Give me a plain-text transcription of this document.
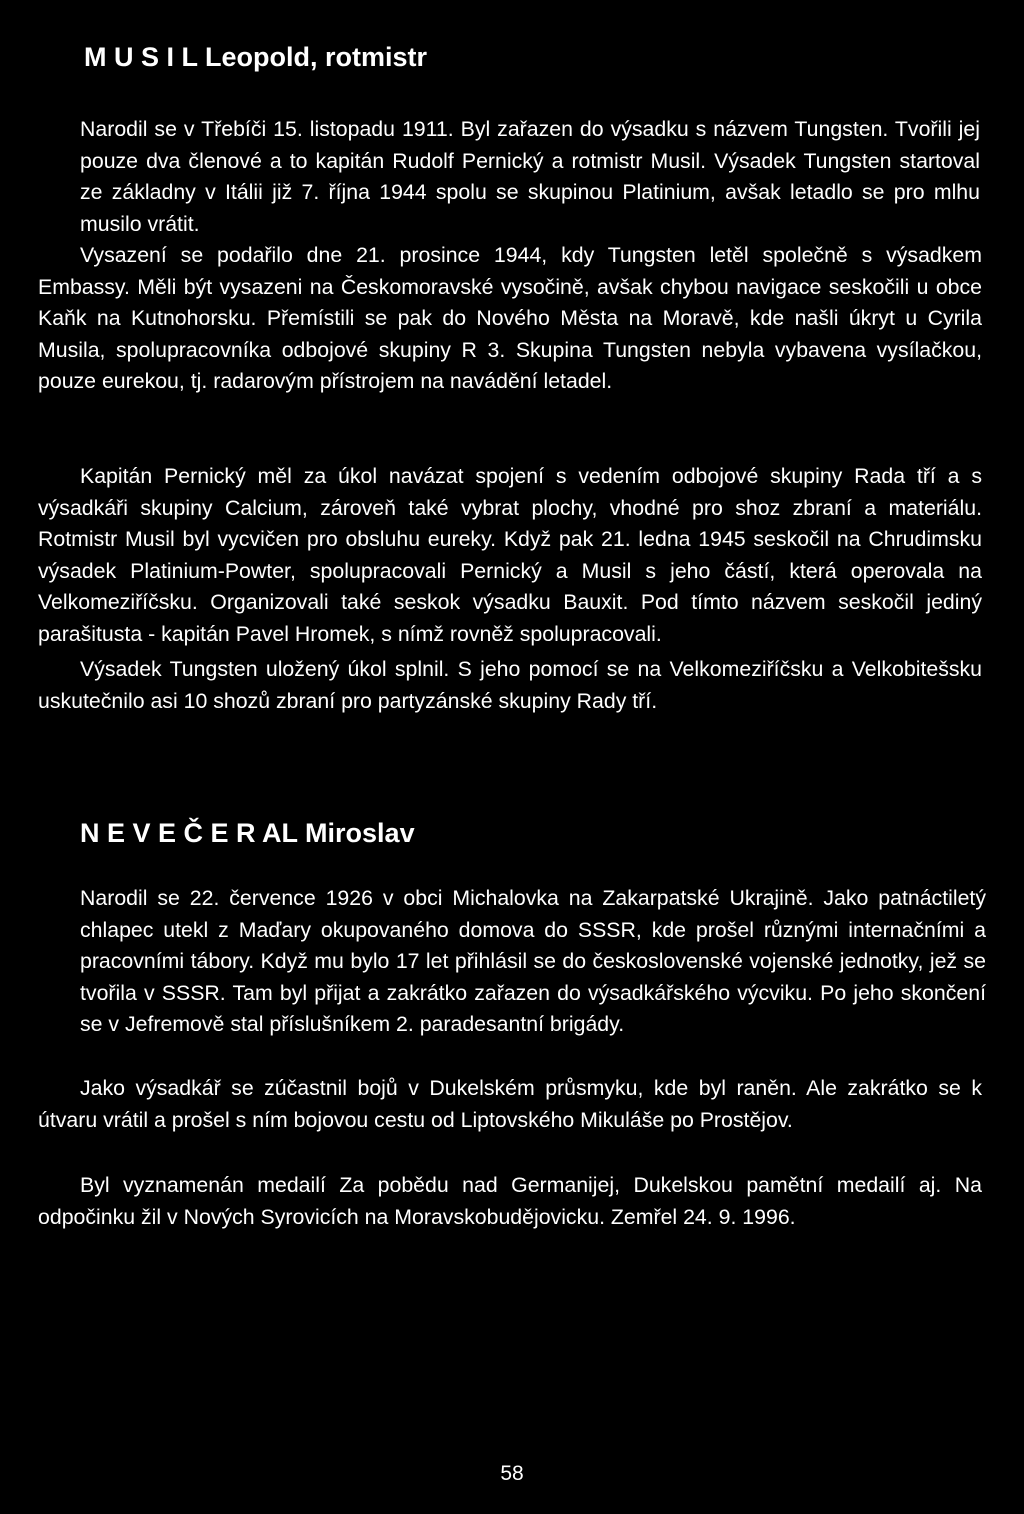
M U S I L Leopold, rotmistr

Narodil se v Třebíči 15. listopadu 1911. Byl zařazen do výsadku s názvem Tungsten. Tvořili jej pouze dva členové a to kapitán Rudolf Pernický a rotmistr Musil. Výsadek Tungsten startoval ze základny v Itálii již 7. října 1944 spolu se skupinou Platinium, avšak letadlo se pro mlhu musilo vrátit.

Vysazení se podařilo dne 21. prosince 1944, kdy Tungsten letěl společně s výsadkem Embassy. Měli být vysazeni na Českomoravské vysočině, avšak chybou navigace seskočili u obce Kaňk na Kutnohorsku. Přemístili se pak do Nového Města na Moravě, kde našli úkryt u Cyrila Musila, spolupracovníka odbojové skupiny R 3. Skupina Tungsten nebyla vybavena vysílačkou, pouze eurekou, tj. radarovým přístrojem na navádění letadel.

Kapitán Pernický měl za úkol navázat spojení s vedením odbojové skupiny Rada tří a s výsadkáři skupiny Calcium, zároveň také vybrat plochy, vhodné pro shoz zbraní a materiálu. Rotmistr Musil byl vycvičen pro obsluhu eureky. Když pak 21. ledna 1945 seskočil na Chrudimsku výsadek Platinium-Powter, spolupracovali Pernický a Musil s jeho částí, která operovala na Velkomeziříčsku. Organizovali také seskok výsadku Bauxit. Pod tímto názvem seskočil jediný parašitusta - kapitán Pavel Hromek, s nímž rovněž spolupracovali.

Výsadek Tungsten uložený úkol splnil. S jeho pomocí se na Velkomeziříčsku a Velkobitešsku uskutečnilo asi 10 shozů zbraní pro partyzánské skupiny Rady tří.

N E V E Č E R AL Miroslav

Narodil se 22. července 1926 v obci Michalovka na Zakarpatské Ukrajině. Jako patnáctiletý chlapec utekl z Maďary okupovaného domova do SSSR, kde prošel různými internačními a pracovními tábory. Když mu bylo 17 let přihlásil se do československé vojenské jednotky, jež se tvořila v SSSR. Tam byl přijat a zakrátko zařazen do výsadkářského výcviku. Po jeho skončení se v Jefremově stal příslušníkem 2. paradesantní brigády.

Jako výsadkář se zúčastnil bojů v Dukelském průsmyku, kde byl raněn. Ale zakrátko se k útvaru vrátil a prošel s ním bojovou cestu od Liptovského Mikuláše po Prostějov.

Byl vyznamenán medailí Za pobědu nad Germanijej, Dukelskou pamětní medailí aj. Na odpočinku žil v Nových Syrovicích na Moravskobudějovicku. Zemřel 24. 9. 1996.

58
